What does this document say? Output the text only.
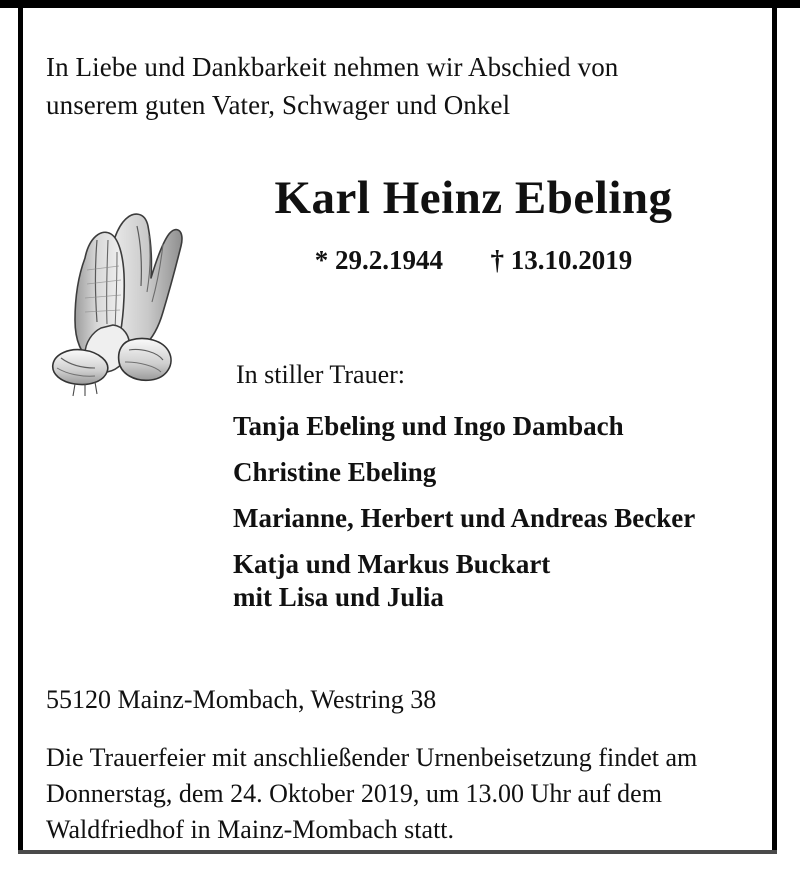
In Liebe und Dankbarkeit nehmen wir Abschied von
unserem guten Vater, Schwager und Onkel
Karl Heinz Ebeling
* 29.2.1944 † 13.10.2019
In stiller Trauer:
Tanja Ebeling und Ingo Dambach
Christine Ebeling
Marianne, Herbert und Andreas Becker
Katja und Markus Buckart
mit Lisa und Julia
55120 Mainz-Mombach, Westring 38
Die Trauerfeier mit anschließender Urnenbeisetzung findet am
Donnerstag, dem 24. Oktober 2019, um 13.00 Uhr auf dem
Waldfriedhof in Mainz-Mombach statt.
